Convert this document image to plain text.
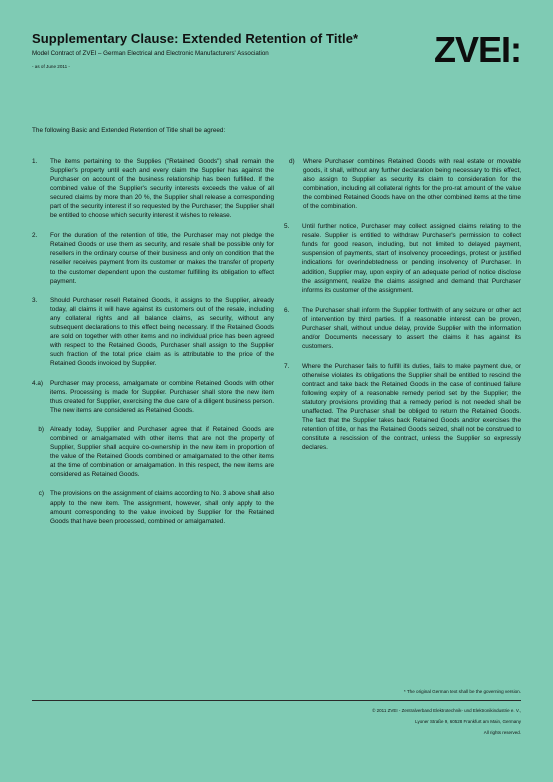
Supplementary Clause: Extended Retention of Title*

Model Contract of ZVEI – German Electrical and Electronic Manufacturers' Association

- as of June 2011 -	ZVEI:

The following Basic and Extended Retention of Title shall be agreed:

1.	The items pertaining to the Supplies ("Retained Goods") shall remain the Supplier's property until each and every claim the Supplier has against the Purchaser on account of the business relationship has been fulfilled. If the combined value of the Supplier's security interests exceeds the value of all secured claims by more than 20 %, the Supplier shall release a corresponding part of the security interest if so requested by the Purchaser; the Supplier shall be entitled to choose which security interest it wishes to release.
2.	For the duration of the retention of title, the Purchaser may not pledge the Retained Goods or use them as security, and resale shall be possible only for resellers in the ordinary course of their business and only on condition that the reseller receives payment from its customer or makes the transfer of property to the customer dependent upon the customer fulfilling its obligation to effect payment.
3.	Should Purchaser resell Retained Goods, it assigns to the Supplier, already today, all claims it will have against its customers out of the resale, including any collateral rights and all balance claims, as security, without any subsequent declarations to this effect being necessary. If the Retained Goods are sold on together with other items and no individual price has been agreed with respect to the Retained Goods, Purchaser shall assign to the Supplier such fraction of the total price claim as is attributable to the price of the Retained Goods invoiced by Supplier.
4.a)	Purchaser may process, amalgamate or combine Retained Goods with other items. Processing is made for Supplier. Purchaser shall store the new item thus created for Supplier, exercising the due care of a diligent business person. The new items are considered as Retained Goods.
b) Already today, Supplier and Purchaser agree that if Retained Goods are combined or amalgamated with other items that are not the property of Supplier, Supplier shall acquire co-ownership in the new item in proportion of the value of the Retained Goods combined or amalgamated to the other items at the time of combination or amalgamation. In this respect, the new items are considered as Retained Goods.
c) The provisions on the assignment of claims according to No. 3 above shall also apply to the new item. The assignment, however, shall only apply to the amount corresponding to the value invoiced by Supplier for the Retained Goods that have been processed, combined or amalgamated.
d)	Where Purchaser combines Retained Goods with real estate or movable goods, it shall, without any further declaration being necessary to this effect, also assign to Supplier as security its claim to consideration for the combination, including all collateral rights for the pro-rat amount of the value the combined Retained Goods have on the other combined items at the time of the combination.
5.	Until further notice, Purchaser may collect assigned claims relating to the resale. Supplier is entitled to withdraw Purchaser's permission to collect funds for good reason, including, but not limited to delayed payment, suspension of payments, start of insolvency proceedings, protest or justified indications for overindebtedness or pending insolvency of Purchaser. In addition, Supplier may, upon expiry of an adequate period of notice disclose the assignment, realize the claims assigned and demand that Purchaser informs its customer of the assignment.
6.	The Purchaser shall inform the Supplier forthwith of any seizure or other act of intervention by third parties. If a reasonable interest can be proven, Purchaser shall, without undue delay, provide Supplier with the information and/or Documents necessary to assert the claims it has against its customers.
7.	Where the Purchaser fails to fulfill its duties, fails to make payment due, or otherwise violates its obligations the Supplier shall be entitled to rescind the contract and take back the Retained Goods in the case of continued failure following expiry of a reasonable remedy period set by the Supplier; the statutory provisions providing that a remedy period is not needed shall be unaffected. The Purchaser shall be obliged to return the Retained Goods. The fact that the Supplier takes back Retained Goods and/or exercises the retention of title, or has the Retained Goods seized, shall not be construed to constitute a rescission of the contract, unless the Supplier so expressly declares.
* The original German text shall be the governing version.
© 2011 ZVEI - Zentralverband Elektrotechnik- und Elektronikindustrie e. V.,
Lyoner Straße 9, 60528 Frankfurt am Main, Germany
All rights reserved.
